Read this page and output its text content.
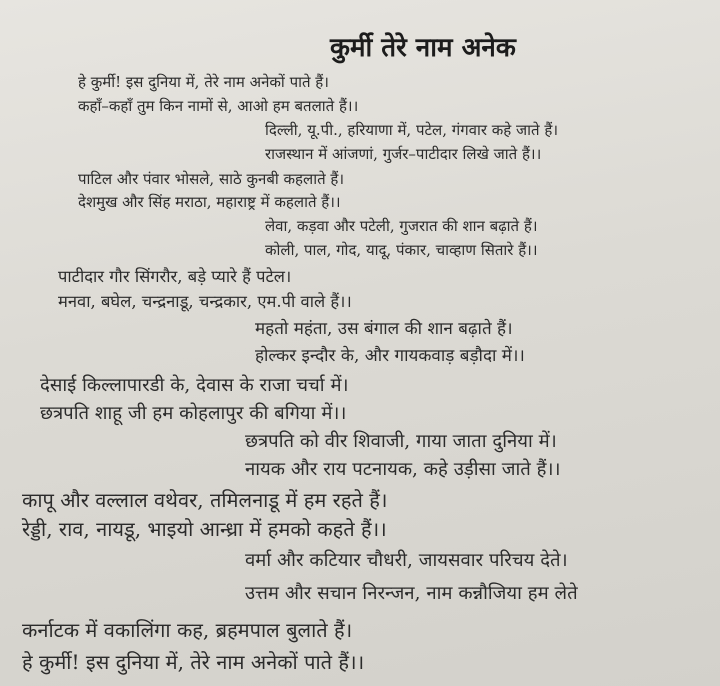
कुर्मी तेरे नाम अनेक
हे कुर्मी! इस दुनिया में, तेरे नाम अनेकों पाते हैं।
कहाँ–कहाँ तुम किन नामों से, आओ हम बतलाते हैं।।
दिल्ली, यू.पी., हरियाणा में, पटेल, गंगवार कहे जाते हैं।
राजस्थान में आंजणां, गुर्जर–पाटीदार लिखे जाते हैं।।
पाटिल और पंवार भोसले, साठे कुनबी कहलाते हैं।
देशमुख और सिंह मराठा, महाराष्ट्र में कहलाते हैं।।
लेवा, कड़वा और पटेली, गुजरात की शान बढ़ाते हैं।
कोली, पाल, गोद, यादू, पंकार, चाव्हाण सितारे हैं।।
पाटीदार गौर सिंगरौर, बड़े प्यारे हैं पटेल।
मनवा, बघेल, चन्द्रनाडू, चन्द्रकार, एम.पी वाले हैं।।
महतो महंता, उस बंगाल की शान बढ़ाते हैं।
होल्कर इन्दौर के, और गायकवाड़ बड़ौदा में।।
देसाई किल्लापारडी के, देवास के राजा चर्चा में।
छत्रपति शाहू जी हम कोहलापुर की बगिया में।।
छत्रपति को वीर शिवाजी, गाया जाता दुनिया में।
नायक और राय पटनायक, कहे उड़ीसा जाते हैं।।
कापू और वल्लाल वथेवर, तमिलनाडू में हम रहते हैं।
रेड्डी, राव, नायडू, भाइयो आन्ध्रा में हमको कहते हैं।।
वर्मा और कटियार चौधरी, जायसवार परिचय देते।
उत्तम और सचान निरन्जन, नाम कन्नौजिया हम लेते
कर्नाटक में वकालिंगा कह, ब्रहमपाल बुलाते हैं।
हे कुर्मी! इस दुनिया में, तेरे नाम अनेकों पाते हैं।।
